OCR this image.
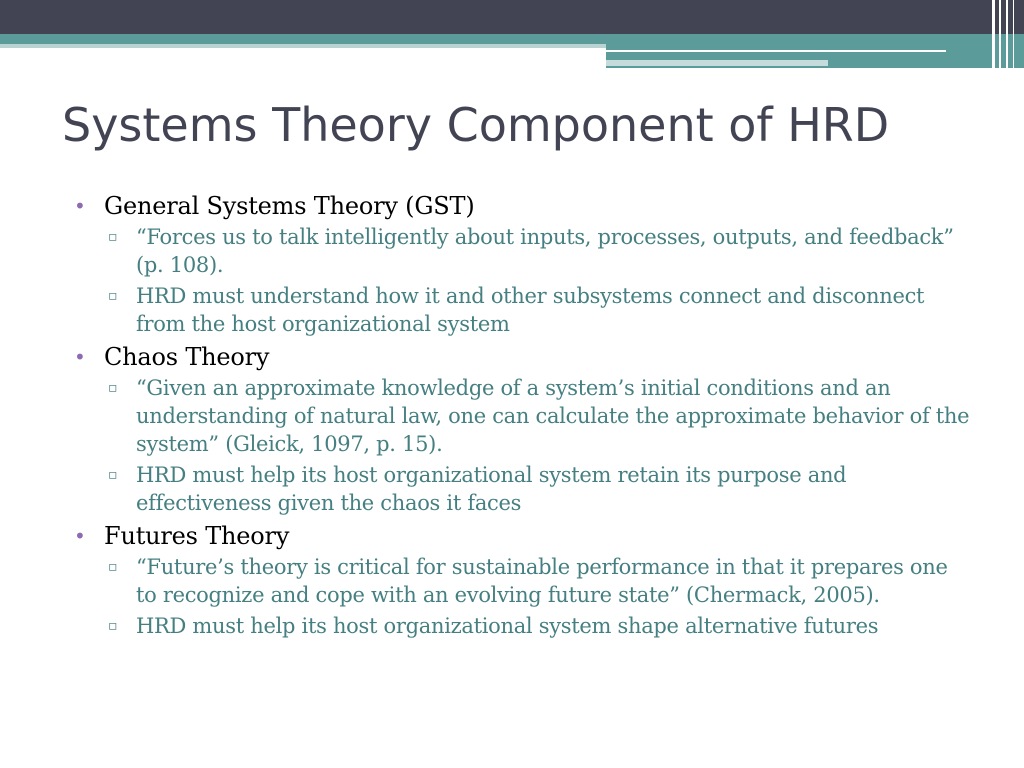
Systems Theory Component of HRD
• General Systems Theory (GST)
▫ “Forces us to talk intelligently about inputs, processes, outputs, and feedback” (p. 108).
▫ HRD must understand how it and other subsystems connect and disconnect from the host organizational system
• Chaos Theory
▫ “Given an approximate knowledge of a system’s initial conditions and an understanding of natural law, one can calculate the approximate behavior of the system” (Gleick, 1097, p. 15).
▫ HRD must help its host organizational system retain its purpose and effectiveness given the chaos it faces
• Futures Theory
▫ “Future’s theory is critical for sustainable performance in that it prepares one to recognize and cope with an evolving future state” (Chermack, 2005).
▫ HRD must help its host organizational system shape alternative futures
